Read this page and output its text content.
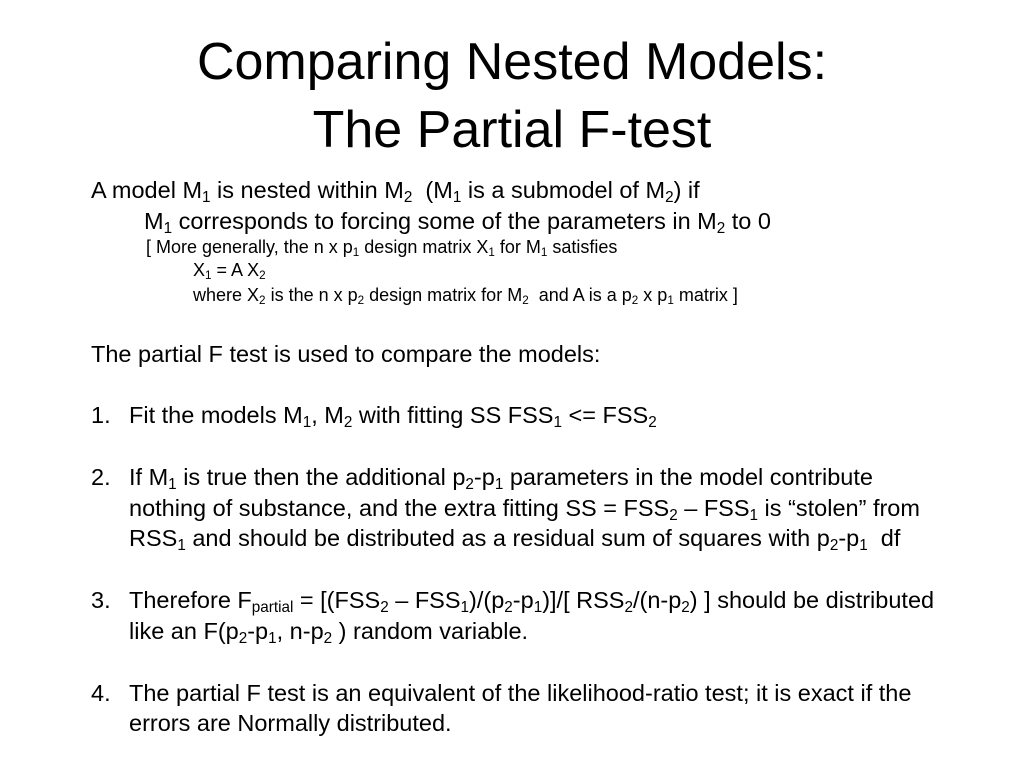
Comparing Nested Models:
The Partial F-test
A model M1 is nested within M2  (M1 is a submodel of M2) if
M1 corresponds to forcing some of the parameters in M2 to 0
[ More generally, the n x p1 design matrix X1 for M1 satisfies
X1 = A X2
where X2 is the n x p2 design matrix for M2  and A is a p2 x p1 matrix ]
The partial F test is used to compare the models:
1. Fit the models M1, M2 with fitting SS FSS1 <= FSS2
2. If M1 is true then the additional p2-p1 parameters in the model contribute
nothing of substance, and the extra fitting SS = FSS2 – FSS1 is “stolen” from
RSS1 and should be distributed as a residual sum of squares with p2-p1  df
3. Therefore Fpartial = [(FSS2 – FSS1)/(p2-p1)]/[ RSS2/(n-p2) ] should be distributed
like an F(p2-p1, n-p2 ) random variable.
4. The partial F test is an equivalent of the likelihood-ratio test; it is exact if the
errors are Normally distributed.
